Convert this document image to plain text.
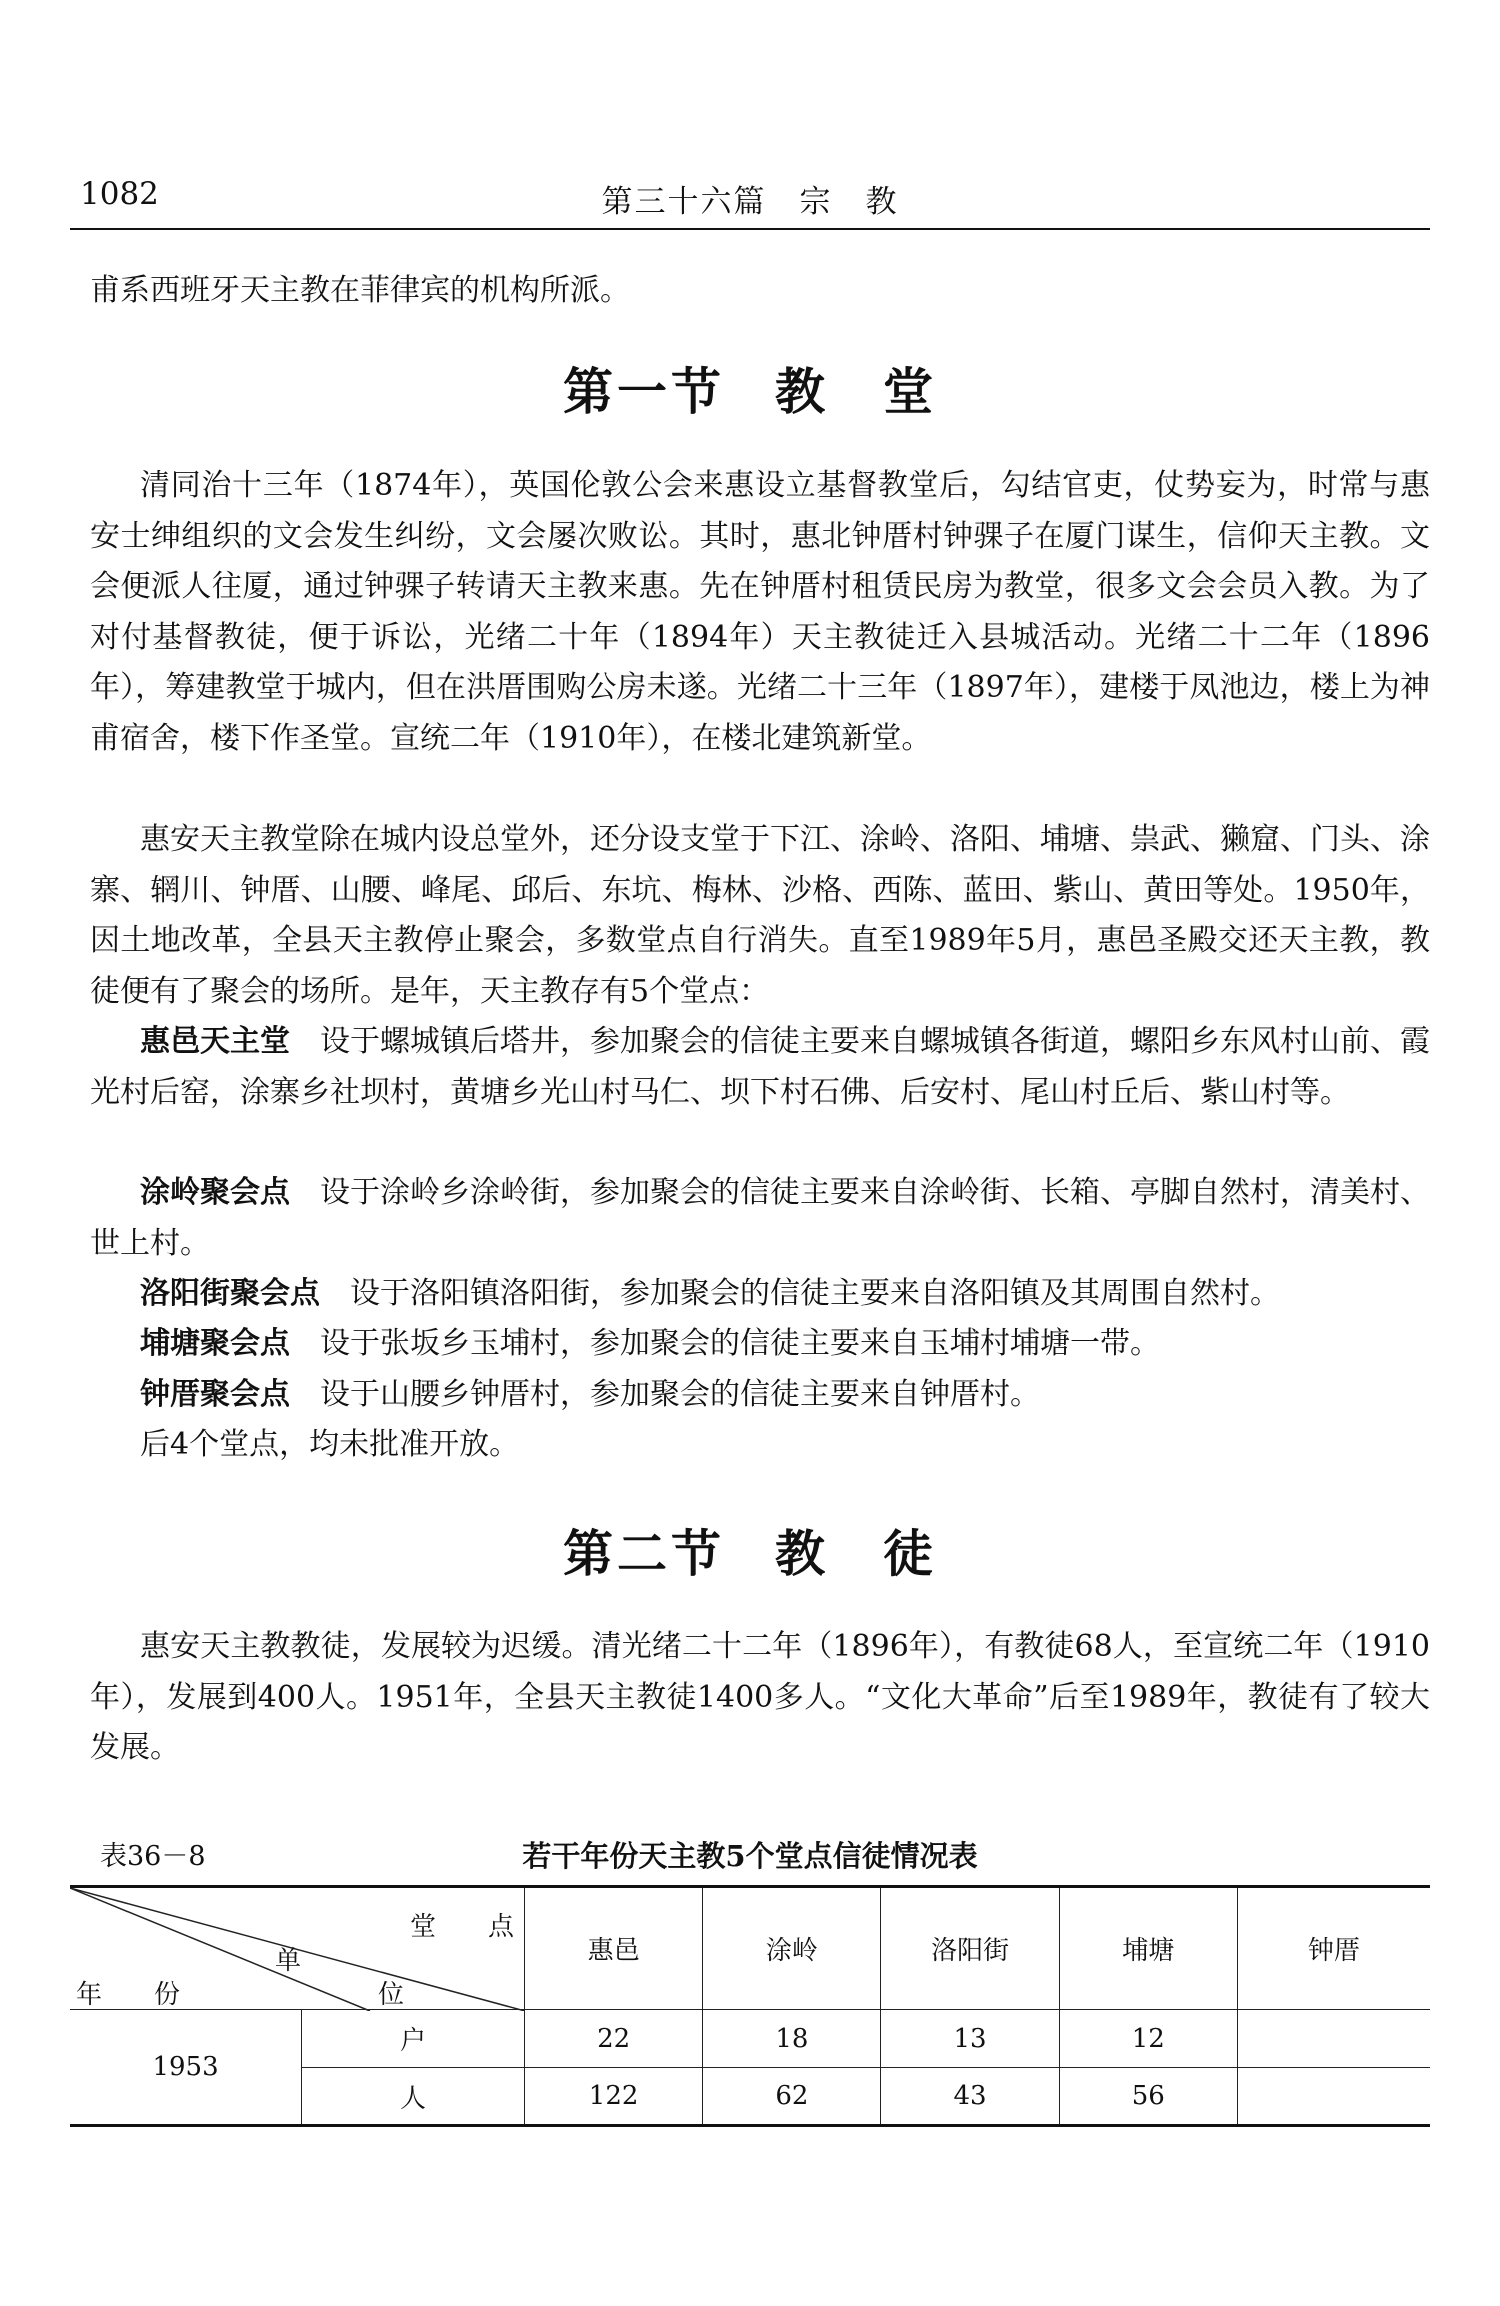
1082	第三十六篇　宗　教

甫系西班牙天主教在菲律宾的机构所派。

第一节 教　堂

清同治十三年（1874年），英国伦敦公会来惠设立基督教堂后，勾结官吏，仗势妄为，时常与惠安士绅组织的文会发生纠纷，文会屡次败讼。其时，惠北钟厝村钟骒子在厦门谋生，信仰天主教。文会便派人往厦，通过钟骒子转请天主教来惠。先在钟厝村租赁民房为教堂，很多文会会员入教。为了对付基督教徒，便于诉讼，光绪二十年（1894年）天主教徒迁入县城活动。光绪二十二年（1896年），筹建教堂于城内，但在洪厝围购公房未遂。光绪二十三年（1897年），建楼于凤池边，楼上为神甫宿舍，楼下作圣堂。宣统二年（1910年），在楼北建筑新堂。

惠安天主教堂除在城内设总堂外，还分设支堂于下江、涂岭、洛阳、埔塘、祟武、獭窟、门头、涂寨、辋川、钟厝、山腰、峰尾、邱后、东坑、梅林、沙格、西陈、蓝田、紫山、黄田等处。1950年，因土地改革，全县天主教停止聚会，多数堂点自行消失。直至1989年5月，惠邑圣殿交还天主教，教徒便有了聚会的场所。是年，天主教存有5个堂点：

惠邑天主堂 设于螺城镇后塔井，参加聚会的信徒主要来自螺城镇各街道，螺阳乡东风村山前、霞光村后窑，涂寨乡社坝村，黄塘乡光山村马仁、坝下村石佛、后安村、尾山村丘后、紫山村等。

涂岭聚会点 设于涂岭乡涂岭街，参加聚会的信徒主要来自涂岭街、长箱、亭脚自然村，清美村、世上村。

洛阳街聚会点 设于洛阳镇洛阳街，参加聚会的信徒主要来自洛阳镇及其周围自然村。

埔塘聚会点 设于张坂乡玉埔村，参加聚会的信徒主要来自玉埔村埔塘一带。

钟厝聚会点 设于山腰乡钟厝村，参加聚会的信徒主要来自钟厝村。

后4个堂点，均未批准开放。

第二节 教　徒

惠安天主教教徒，发展较为迟缓。清光绪二十二年（1896年），有教徒68人，至宣统二年（1910年），发展到400人。1951年，全县天主教徒1400多人。“文化大革命”后至1989年，教徒有了较大发展。

表36－8	若干年份天主教5个堂点信徒情况表
堂　　点
单
年　　份 位		惠邑	涂岭	洛阳街	埔塘	钟厝
1953	户	22	18	13	12	
	人	122	62	43	56	
